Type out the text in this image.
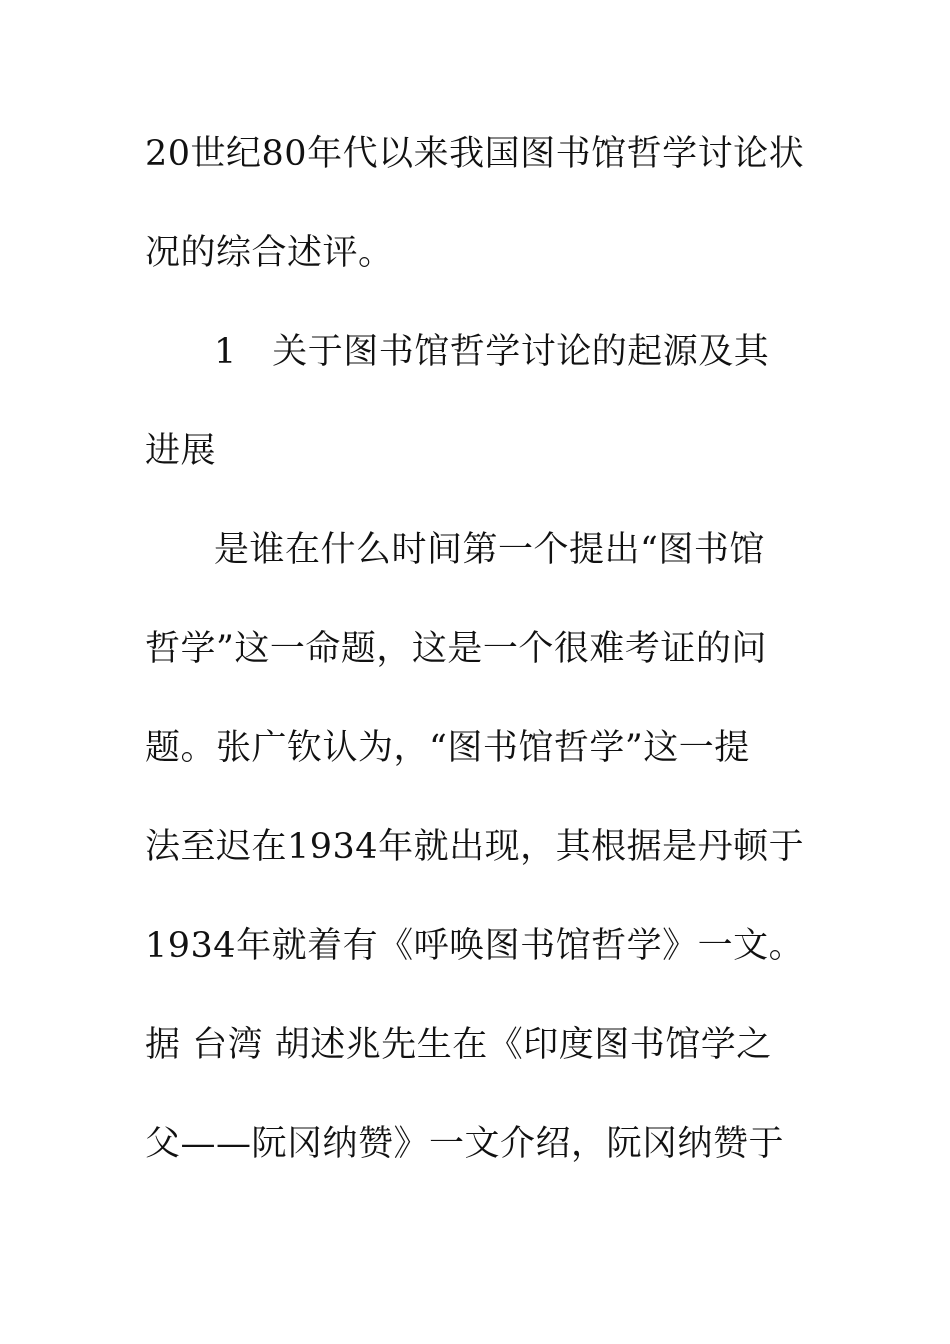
20世纪80年代以来我国图书馆哲学讨论状
况的综合述评。
1　关于图书馆哲学讨论的起源及其
进展
是谁在什么时间第一个提出“图书馆
哲学”这一命题，这是一个很难考证的问
题。张广钦认为，“图书馆哲学”这一提
法至迟在1934年就出现，其根据是丹顿于
1934年就着有《呼唤图书馆哲学》一文。
据 台湾 胡述兆先生在《印度图书馆学之
父——阮冈纳赞》一文介绍，阮冈纳赞于
